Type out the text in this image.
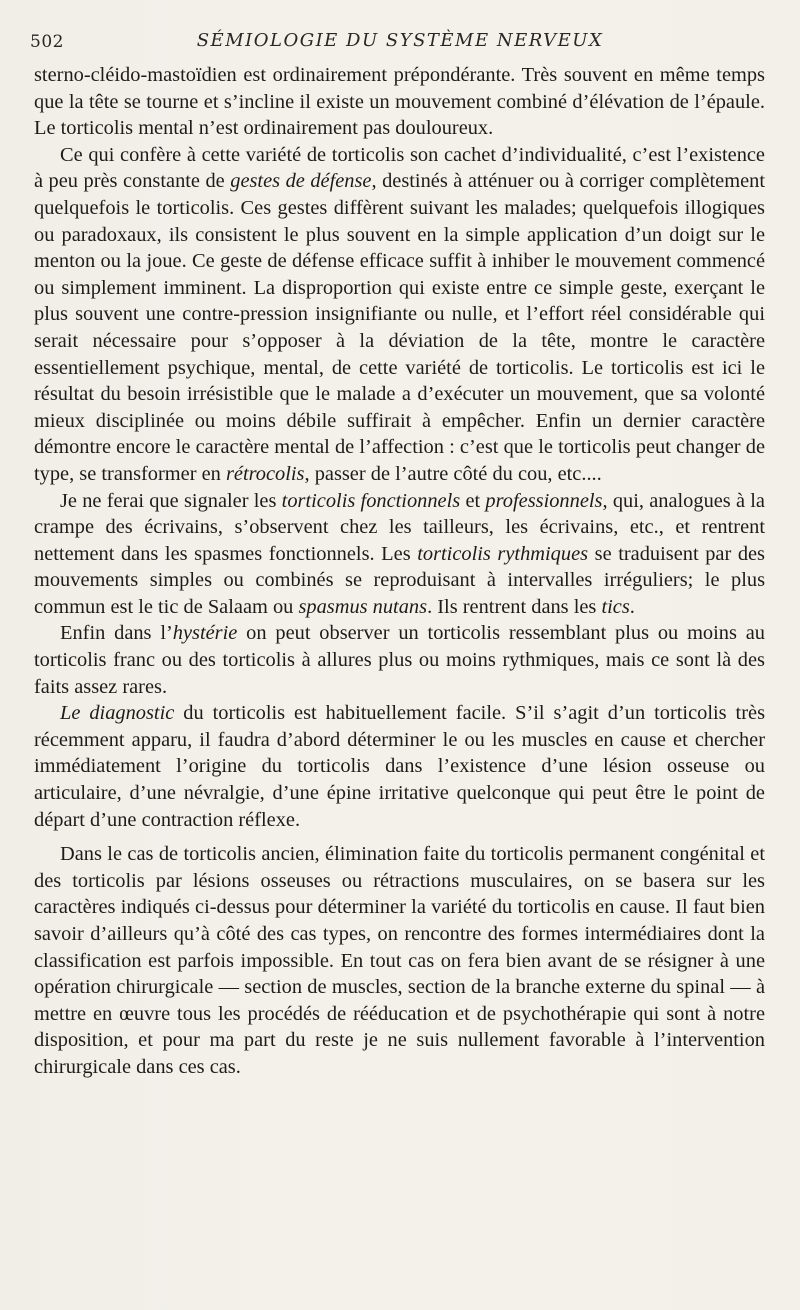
502	SÉMIOLOGIE DU SYSTÈME NERVEUX

sterno-cléido-mastoïdien est ordinairement prépondérante. Très souvent en même temps que la tête se tourne et s’incline il existe un mouvement combiné d’élévation de l’épaule. Le torticolis mental n’est ordinairement pas douloureux.

Ce qui confère à cette variété de torticolis son cachet d’individualité, c’est l’existence à peu près constante de gestes de défense, destinés à atténuer ou à corriger complètement quelquefois le torticolis. Ces gestes diffèrent suivant les malades; quelquefois illogiques ou paradoxaux, ils consistent le plus souvent en la simple application d’un doigt sur le menton ou la joue. Ce geste de défense efficace suffit à inhiber le mouvement commencé ou simplement imminent. La disproportion qui existe entre ce simple geste, exerçant le plus souvent une contre-pression insignifiante ou nulle, et l’effort réel considérable qui serait nécessaire pour s’opposer à la déviation de la tête, montre le caractère essentiellement psychique, mental, de cette variété de torticolis. Le torticolis est ici le résultat du besoin irrésistible que le malade a d’exécuter un mouvement, que sa volonté mieux disciplinée ou moins débile suffirait à empêcher. Enfin un dernier caractère démontre encore le caractère mental de l’affection : c’est que le torticolis peut changer de type, se transformer en rétrocolis, passer de l’autre côté du cou, etc....

Je ne ferai que signaler les torticolis fonctionnels et professionnels, qui, analogues à la crampe des écrivains, s’observent chez les tailleurs, les écrivains, etc., et rentrent nettement dans les spasmes fonctionnels. Les torticolis rythmiques se traduisent par des mouvements simples ou combinés se reproduisant à intervalles irréguliers; le plus commun est le tic de Salaam ou spasmus nutans. Ils rentrent dans les tics.

Enfin dans l’hystérie on peut observer un torticolis ressemblant plus ou moins au torticolis franc ou des torticolis à allures plus ou moins rythmiques, mais ce sont là des faits assez rares.

Le diagnostic du torticolis est habituellement facile. S’il s’agit d’un torticolis très récemment apparu, il faudra d’abord déterminer le ou les muscles en cause et chercher immédiatement l’origine du torticolis dans l’existence d’une lésion osseuse ou articulaire, d’une névralgie, d’une épine irritative quelconque qui peut être le point de départ d’une contraction réflexe.

Dans le cas de torticolis ancien, élimination faite du torticolis permanent congénital et des torticolis par lésions osseuses ou rétractions musculaires, on se basera sur les caractères indiqués ci-dessus pour déterminer la variété du torticolis en cause. Il faut bien savoir d’ailleurs qu’à côté des cas types, on rencontre des formes intermédiaires dont la classification est parfois impossible. En tout cas on fera bien avant de se résigner à une opération chirurgicale — section de muscles, section de la branche externe du spinal — à mettre en œuvre tous les procédés de rééducation et de psychothérapie qui sont à notre disposition, et pour ma part du reste je ne suis nullement favorable à l’intervention chirurgicale dans ces cas.
